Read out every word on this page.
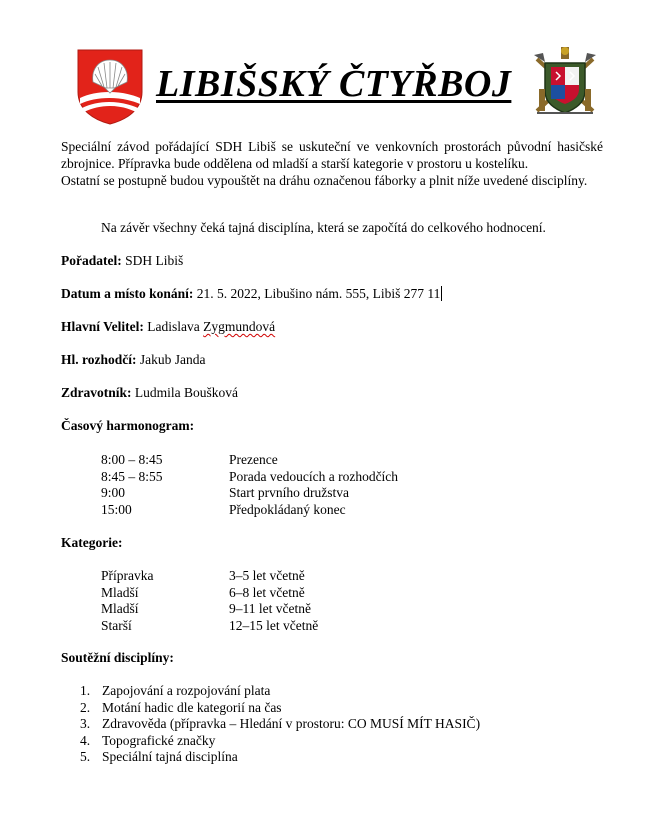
LIBIŠSKÝ ČTYŘBOJ

Speciální závod pořádající SDH Libiš se uskuteční ve venkovních prostorách původní hasičské zbrojnice. Přípravka bude oddělena od mladší a starší kategorie v prostoru u kostelíku.

Ostatní se postupně budou vypouštět na dráhu označenou fáborky a plnit níže uvedené disciplíny.

Na závěr všechny čeká tajná disciplína, která se započítá do celkového hodnocení.
Pořadatel: SDH Libiš
Datum a místo konání: 21. 5. 2022, Libušino nám. 555, Libiš 277 11
Hlavní Velitel: Ladislava Zygmundová
Hl. rozhodčí: Jakub Janda
Zdravotník: Ludmila Boušková
Časový harmonogram:
8:00 – 8:45	Prezence
8:45 – 8:55	Porada vedoucích a rozhodčích
9:00	Start prvního družstva
15:00	Předpokládaný konec
Kategorie:
Přípravka	3–5 let včetně
Mladší	6–8 let včetně
Mladší	9–11 let včetně
Starší	12–15 let včetně
Soutěžní disciplíny:
1. Zapojování a rozpojování plata
2. Motání hadic dle kategorií na čas
3. Zdravověda (přípravka – Hledání v prostoru: CO MUSÍ MÍT HASIČ)
4. Topografické značky
5. Speciální tajná disciplína
